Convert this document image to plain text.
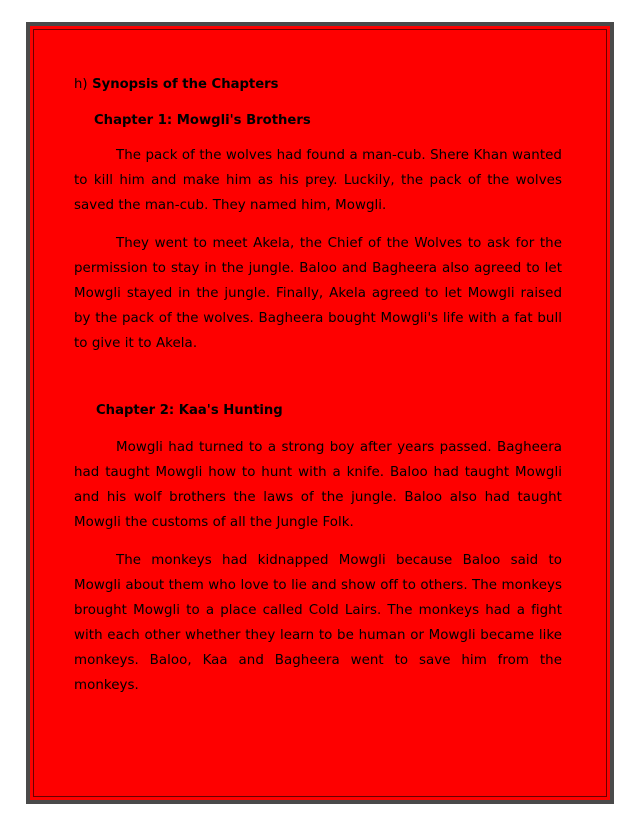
h) Synopsis of the Chapters

Chapter 1: Mowgli's Brothers

The pack of the wolves had found a man-cub. Shere Khan wanted to kill him and make him as his prey. Luckily, the pack of the wolves saved the man-cub. They named him, Mowgli.

They went to meet Akela, the Chief of the Wolves to ask for the permission to stay in the jungle. Baloo and Bagheera also agreed to let Mowgli stayed in the jungle. Finally, Akela agreed to let Mowgli raised by the pack of the wolves. Bagheera bought Mowgli's life with a fat bull to give it to Akela.

Chapter 2: Kaa's Hunting

Mowgli had turned to a strong boy after years passed. Bagheera had taught Mowgli how to hunt with a knife. Baloo had taught Mowgli and his wolf brothers the laws of the jungle. Baloo also had taught Mowgli the customs of all the Jungle Folk.

The monkeys had kidnapped Mowgli because Baloo said to Mowgli about them who love to lie and show off to others. The monkeys brought Mowgli to a place called Cold Lairs. The monkeys had a fight with each other whether they learn to be human or Mowgli became like monkeys. Baloo, Kaa and Bagheera went to save him from the monkeys.
